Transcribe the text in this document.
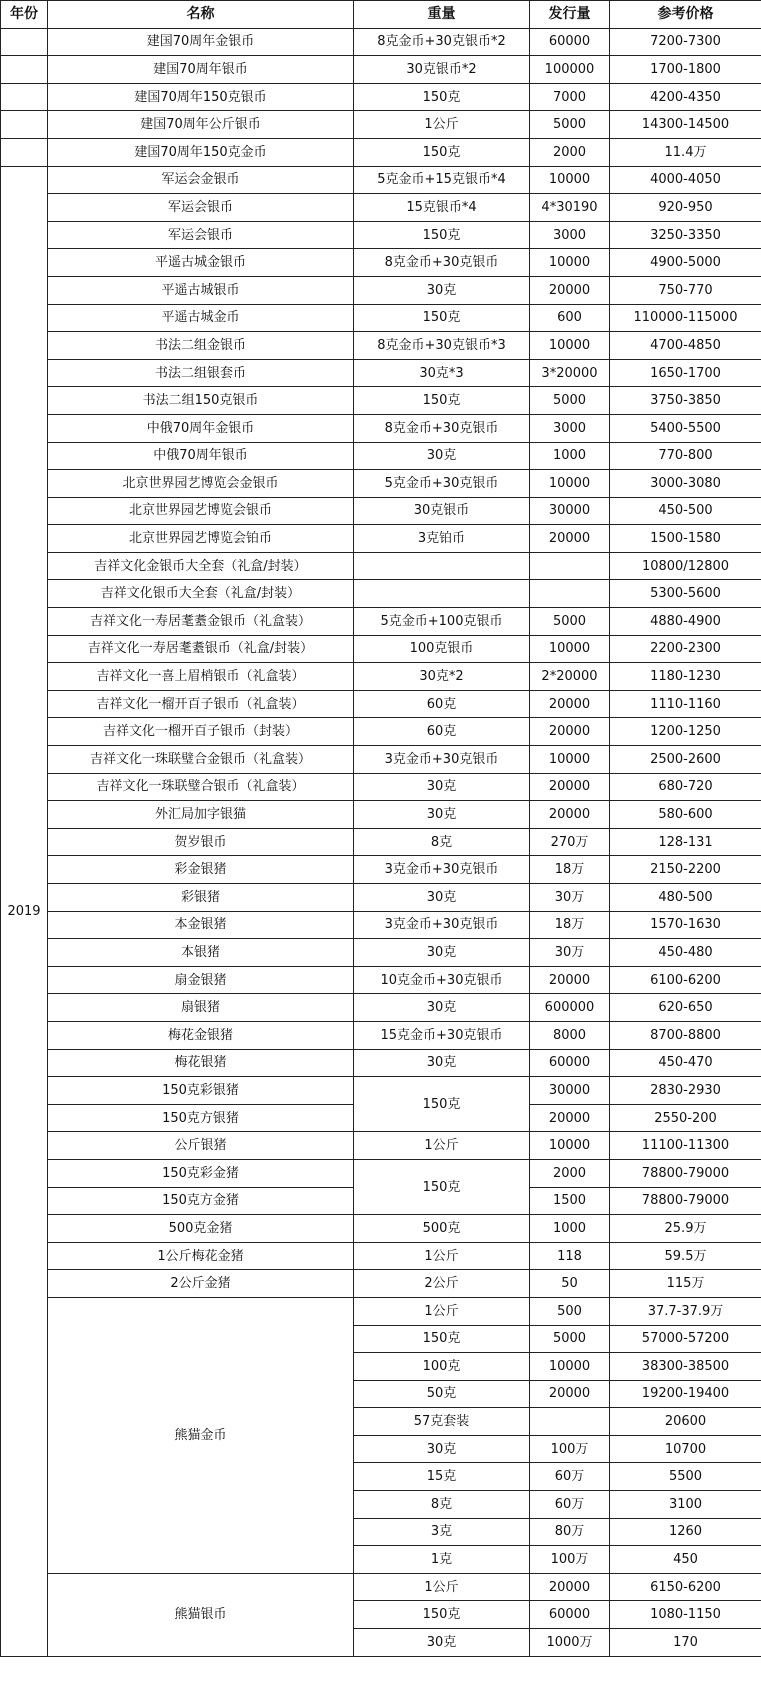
年份	名称	重量	发行量	参考价格
	建国70周年金银币	8克金币+30克银币*2	60000	7200-7300
	建国70周年银币	30克银币*2	100000	1700-1800
	建国70周年150克银币	150克	7000	4200-4350
	建国70周年公斤银币	1公斤	5000	14300-14500
	建国70周年150克金币	150克	2000	11.4万
2019	军运会金银币	5克金币+15克银币*4	10000	4000-4050
	军运会银币	15克银币*4	4*30190	920-950
	军运会银币	150克	3000	3250-3350
	平遥古城金银币	8克金币+30克银币	10000	4900-5000
	平遥古城银币	30克	20000	750-770
	平遥古城金币	150克	600	110000-115000
	书法二组金银币	8克金币+30克银币*3	10000	4700-4850
	书法二组银套币	30克*3	3*20000	1650-1700
	书法二组150克银币	150克	5000	3750-3850
	中俄70周年金银币	8克金币+30克银币	3000	5400-5500
	中俄70周年银币	30克	1000	770-800
	北京世界园艺博览会金银币	5克金币+30克银币	10000	3000-3080
	北京世界园艺博览会银币	30克银币	30000	450-500
	北京世界园艺博览会铂币	3克铂币	20000	1500-1580
	吉祥文化金银币大全套（礼盒/封装）			10800/12800
	吉祥文化银币大全套（礼盒/封装）			5300-5600
	吉祥文化一寿居耄耋金银币（礼盒装）	5克金币+100克银币	5000	4880-4900
	吉祥文化一寿居耄耋银币（礼盒/封装）	100克银币	10000	2200-2300
	吉祥文化一喜上眉梢银币（礼盒装）	30克*2	2*20000	1180-1230
	吉祥文化一榴开百子银币（礼盒装）	60克	20000	1110-1160
	吉祥文化一榴开百子银币（封装）	60克	20000	1200-1250
	吉祥文化一珠联璧合金银币（礼盒装）	3克金币+30克银币	10000	2500-2600
	吉祥文化一珠联璧合银币（礼盒装）	30克	20000	680-720
	外汇局加字银猫	30克	20000	580-600
	贺岁银币	8克	270万	128-131
	彩金银猪	3克金币+30克银币	18万	2150-2200
	彩银猪	30克	30万	480-500
	本金银猪	3克金币+30克银币	18万	1570-1630
	本银猪	30克	30万	450-480
	扇金银猪	10克金币+30克银币	20000	6100-6200
	扇银猪	30克	600000	620-650
	梅花金银猪	15克金币+30克银币	8000	8700-8800
	梅花银猪	30克	60000	450-470
	150克彩银猪	150克	30000	2830-2930
	150克方银猪		20000	2550-200
	公斤银猪	1公斤	10000	11100-11300
	150克彩金猪	150克	2000	78800-79000
	150克方金猪		1500	78800-79000
	500克金猪	500克	1000	25.9万
	1公斤梅花金猪	1公斤	118	59.5万
	2公斤金猪	2公斤	50	115万
	熊猫金币	1公斤	500	37.7-37.9万
		150克	5000	57000-57200
		100克	10000	38300-38500
		50克	20000	19200-19400
		57克套装		20600
		30克	100万	10700
		15克	60万	5500
		8克	60万	3100
		3克	80万	1260
		1克	100万	450
	熊猫银币	1公斤	20000	6150-6200
		150克	60000	1080-1150
		30克	1000万	170
